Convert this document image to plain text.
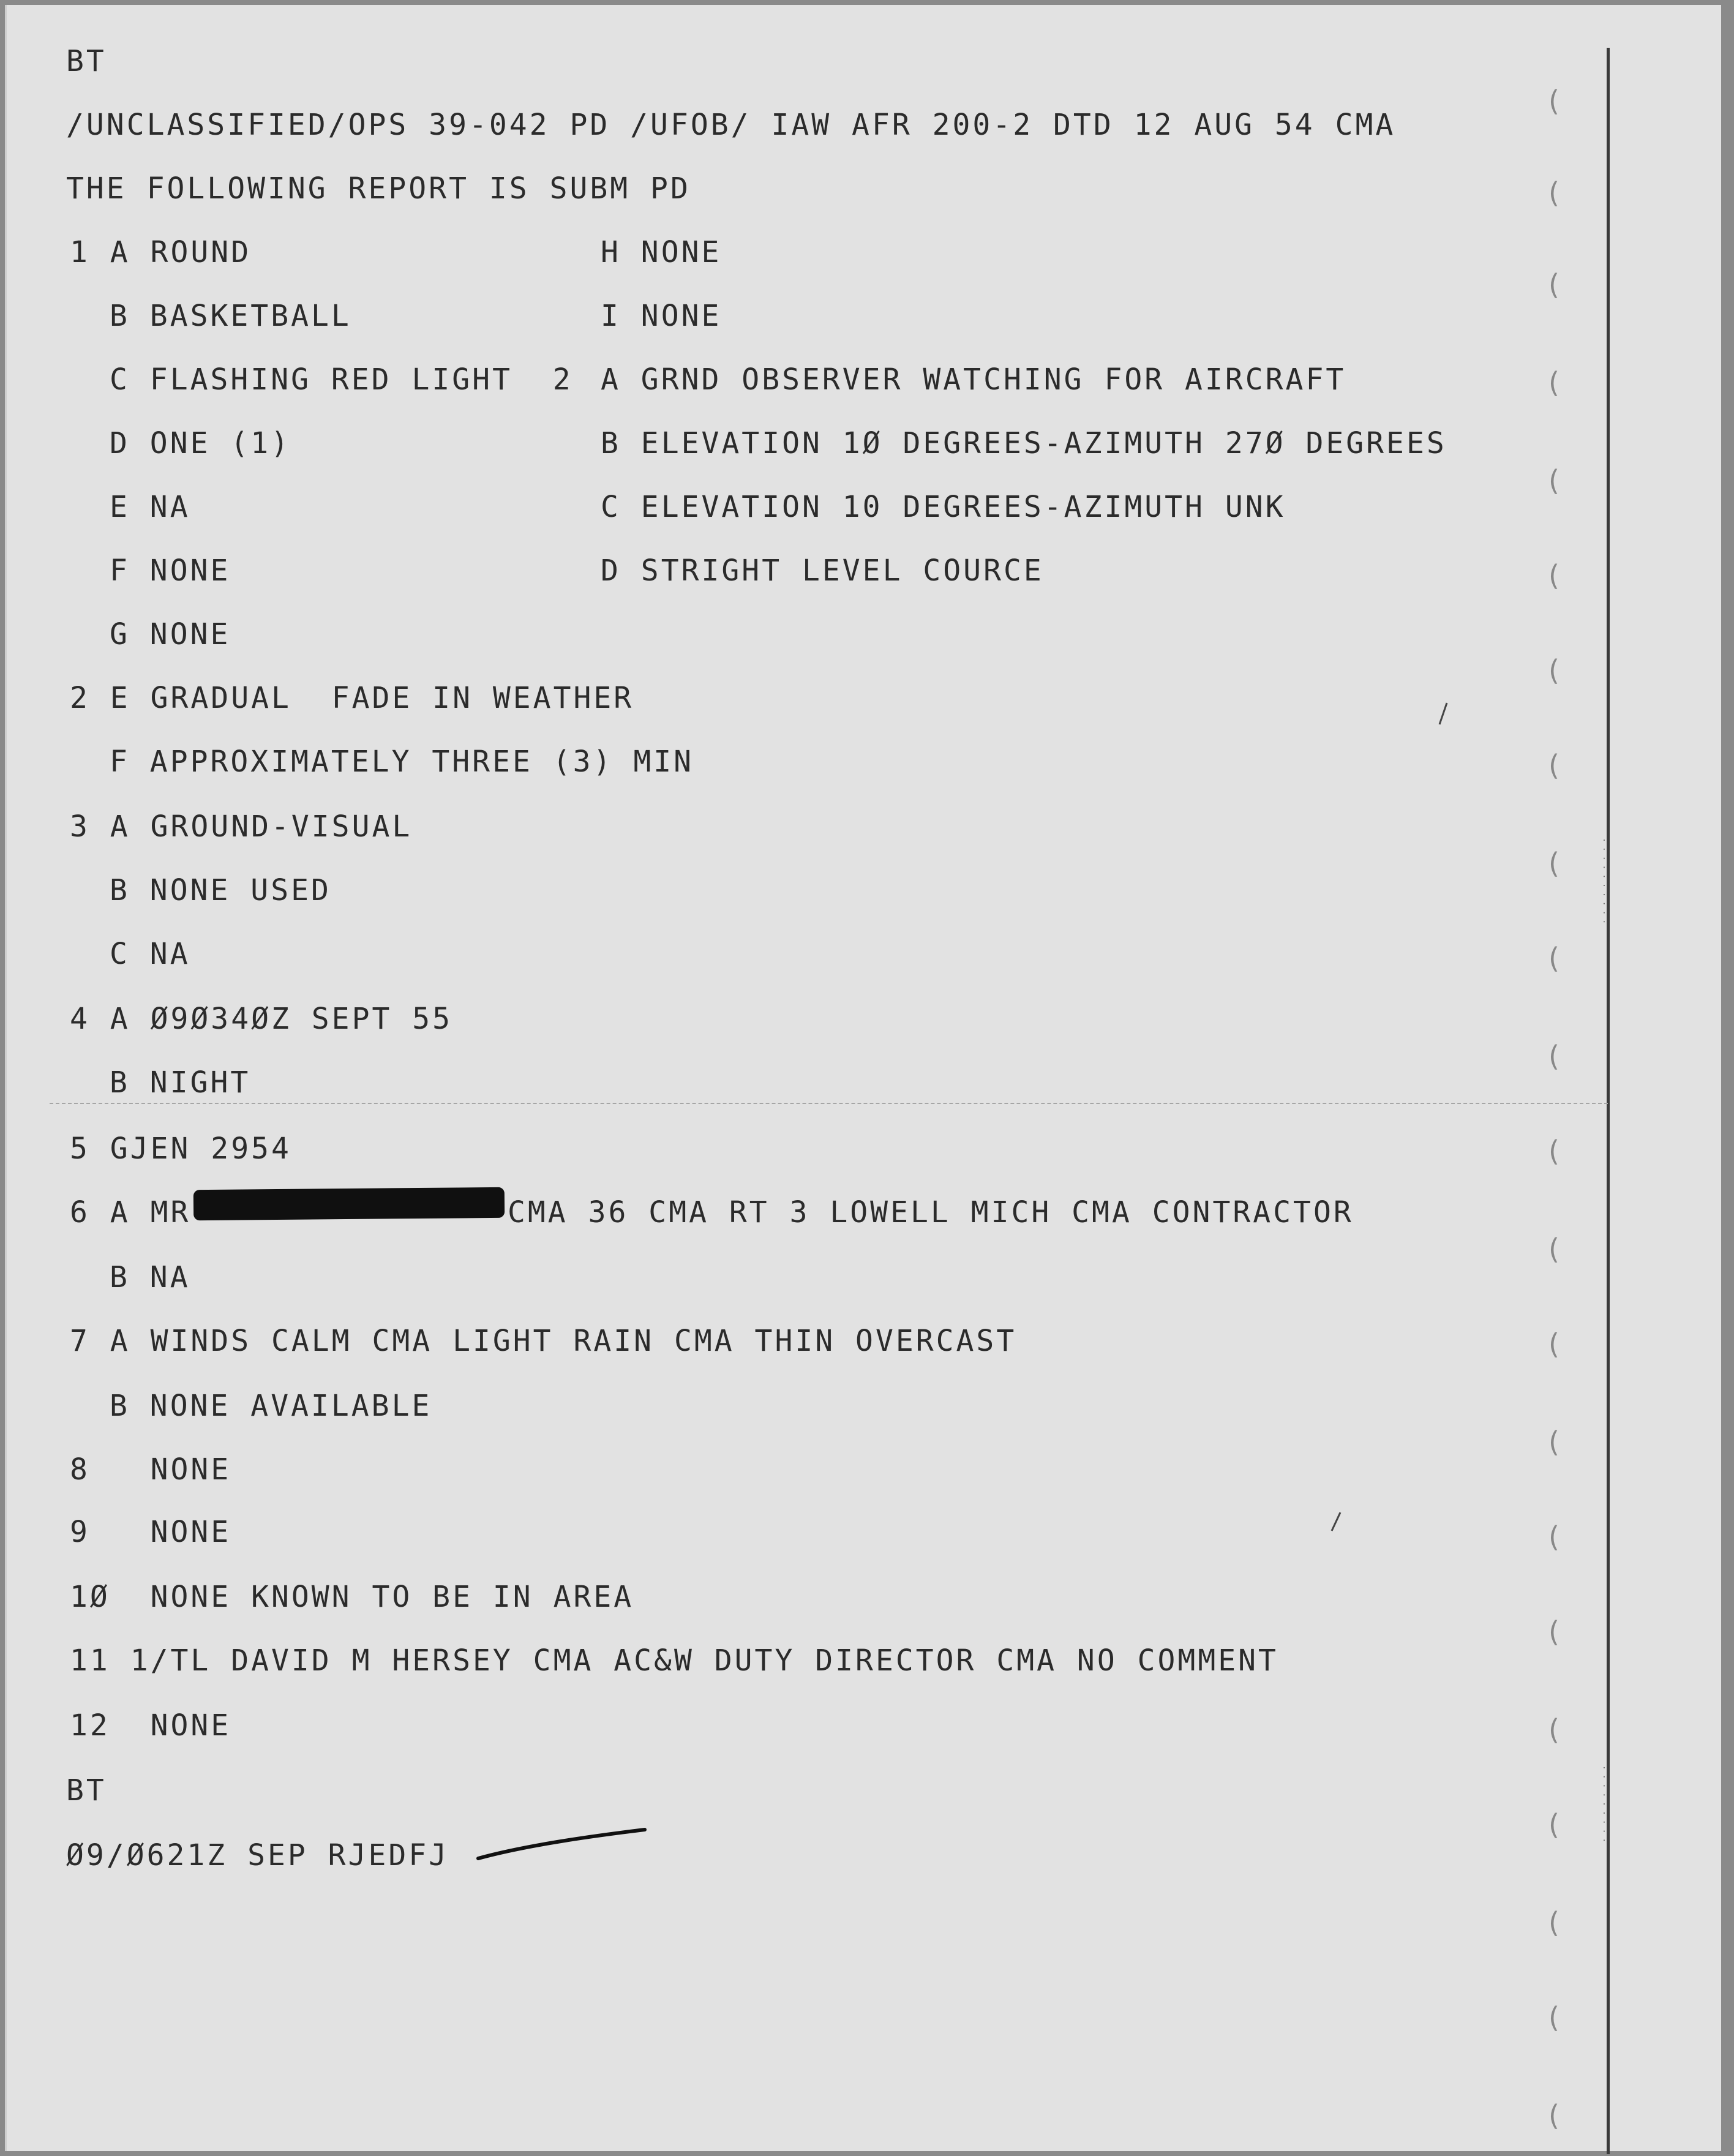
(
(
(
(
(
(
(
(
(
(
(
(
(
(
(
(
(
(
(
(
(
(
. . . . . . . . . .
. . . . . . . . .
BT
/UNCLASSIFIED/OPS 39-042 PD /UFOB/ IAW AFR 200-2 DTD 12 AUG 54 CMA
THE FOLLOWING REPORT IS SUBM PD
1 A ROUND	H NONE
B BASKETBALL	I NONE
C FLASHING RED LIGHT  2 A GRND OBSERVER WATCHING FOR AIRCRAFT
D ONE (1)	B ELEVATION 1Ø DEGREES-AZIMUTH 27Ø DEGREES
E NA	C ELEVATION 10 DEGREES-AZIMUTH UNK
F NONE	D STRIGHT LEVEL COURCE
G NONE
2 E GRADUAL  FADE IN WEATHER
F APPROXIMATELY THREE (3) MIN
3 A GROUND-VISUAL
B NONE USED
C NA
4 A Ø9Ø34ØZ SEPT 55
B NIGHT
5 GJEN 2954
6 A MR	CMA 36 CMA RT 3 LOWELL MICH CMA CONTRACTOR
B NA
7 A WINDS CALM CMA LIGHT RAIN CMA THIN OVERCAST
B NONE AVAILABLE
8   NONE
9   NONE
1Ø  NONE KNOWN TO BE IN AREA
11 1/TL DAVID M HERSEY CMA AC&W DUTY DIRECTOR CMA NO COMMENT
12  NONE
BT
Ø9/Ø621Z SEP RJEDFJ
